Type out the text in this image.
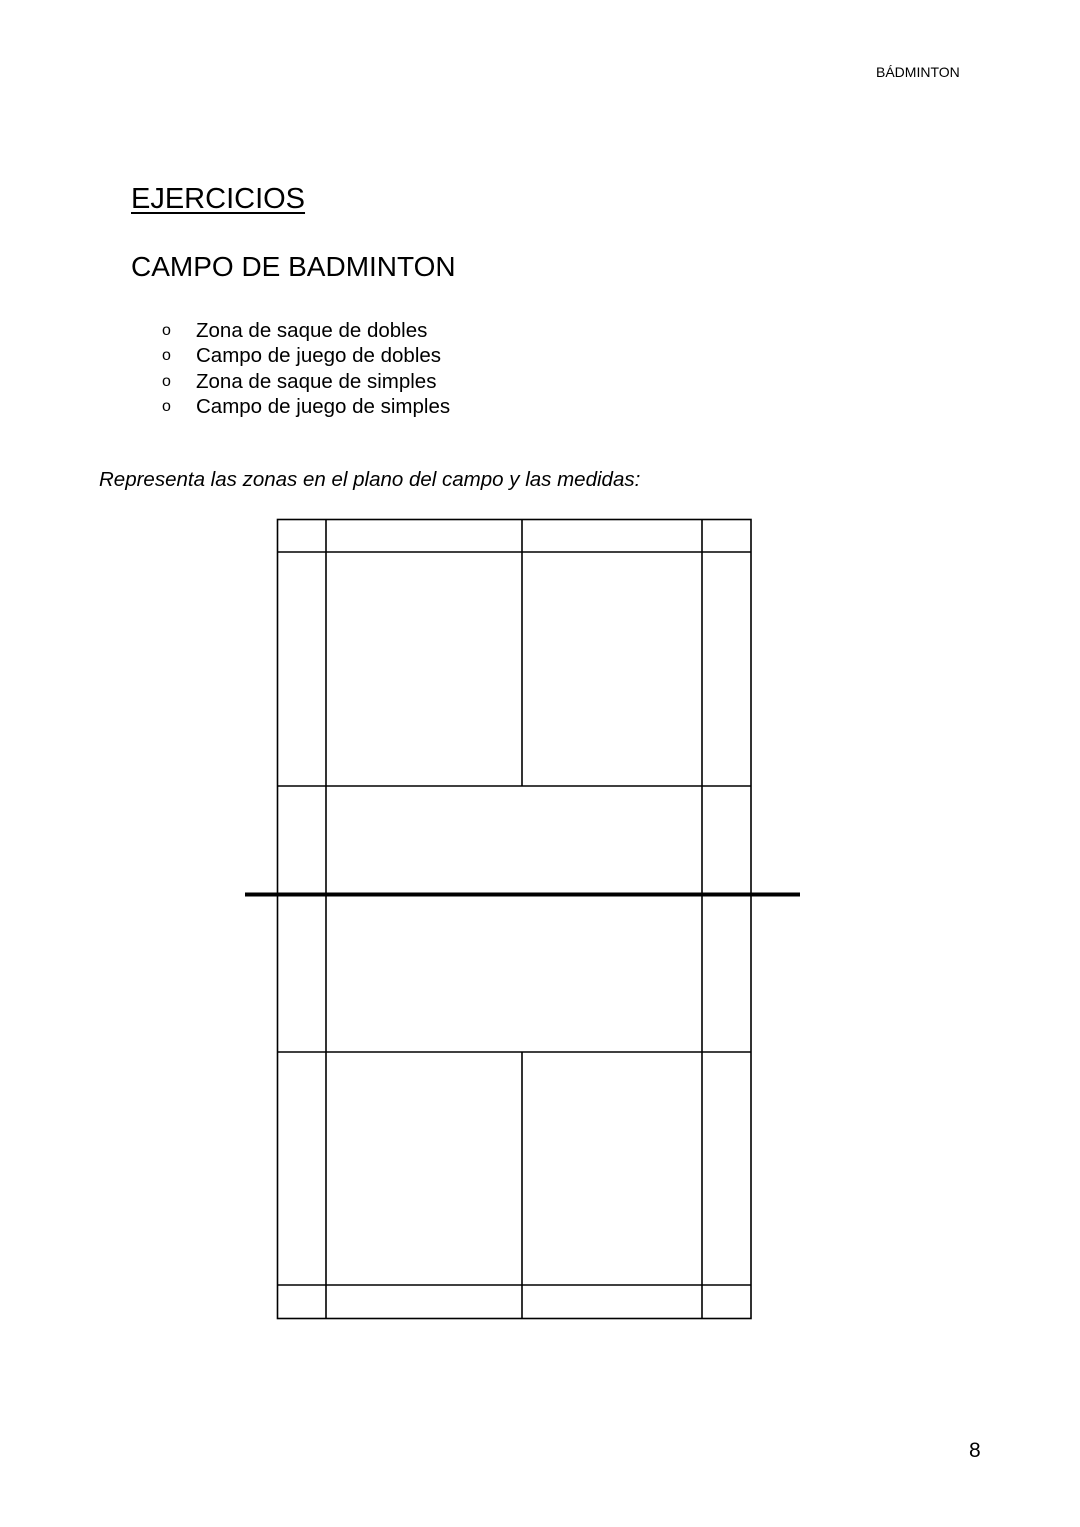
BÁDMINTON
EJERCICIOS
CAMPO DE BADMINTON
o	Zona de saque de dobles
o	Campo de juego de dobles
o	Zona de saque de simples
o	Campo de juego de simples
Representa las zonas en el plano del campo y las medidas:
8
